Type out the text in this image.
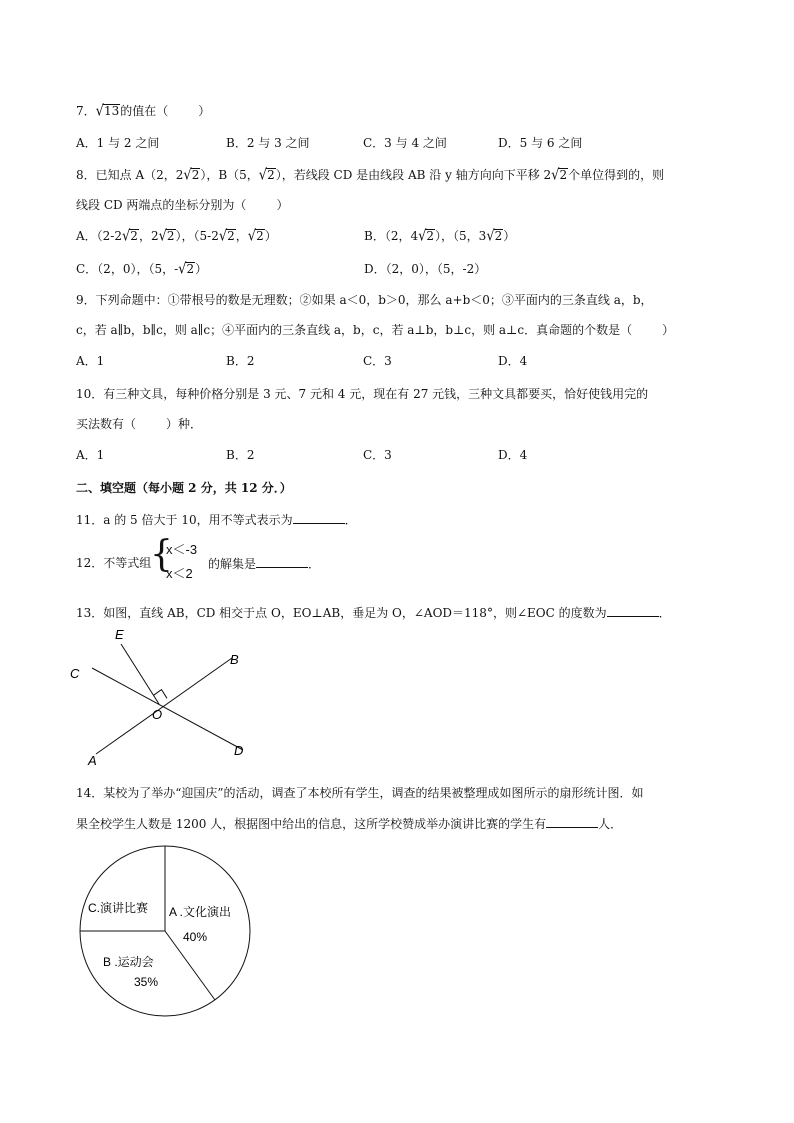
7．√13的值在（	）
A．1 与 2 之间	B．2 与 3 之间	C．3 与 4 之间	D．5 与 6 之间
8．已知点 A（2，2√2），B（5，√2），若线段 CD 是由线段 AB 沿 y 轴方向向下平移 2√2个单位得到的，则
线段 CD 两端点的坐标分别为（	）
A．（2-2√2，2√2），（5-2√2，√2）	B．（2，4√2），（5，3√2）
C．（2，0），（5，-√2）	D．（2，0），（5，-2）
9．下列命题中：①带根号的数是无理数；②如果 a＜0，b＞0，那么 a+b＜0；③平面内的三条直线 a，b，
c，若 a∥b，b∥c，则 a∥c；④平面内的三条直线 a，b，c，若 a⊥b，b⊥c，则 a⊥c．真命题的个数是（	）
A．1	B．2	C．3	D．4
10．有三种文具，每种价格分别是 3 元、7 元和 4 元，现在有 27 元钱，三种文具都要买，恰好使钱用完的
买法数有（	）种．
A．1	B．2	C．3	D．4
二、填空题（每小题 2 分，共 12 分．）
11．a 的 5 倍大于 10，用不等式表示为	．
12．不等式组
{
x＜-3
x＜2
的解集是	．
13．如图，直线 AB，CD 相交于点 O，EO⊥AB，垂足为 O，∠AOD＝118°，则∠EOC 的度数为	．
E
B
C
O
A
D
14．某校为了举办“迎国庆”的活动，调查了本校所有学生，调查的结果被整理成如图所示的扇形统计图．如
果全校学生人数是 1200 人，根据图中给出的信息，这所学校赞成举办演讲比赛的学生有	人．
A .文化演出
40%
B .运动会
35%
C.演讲比赛
